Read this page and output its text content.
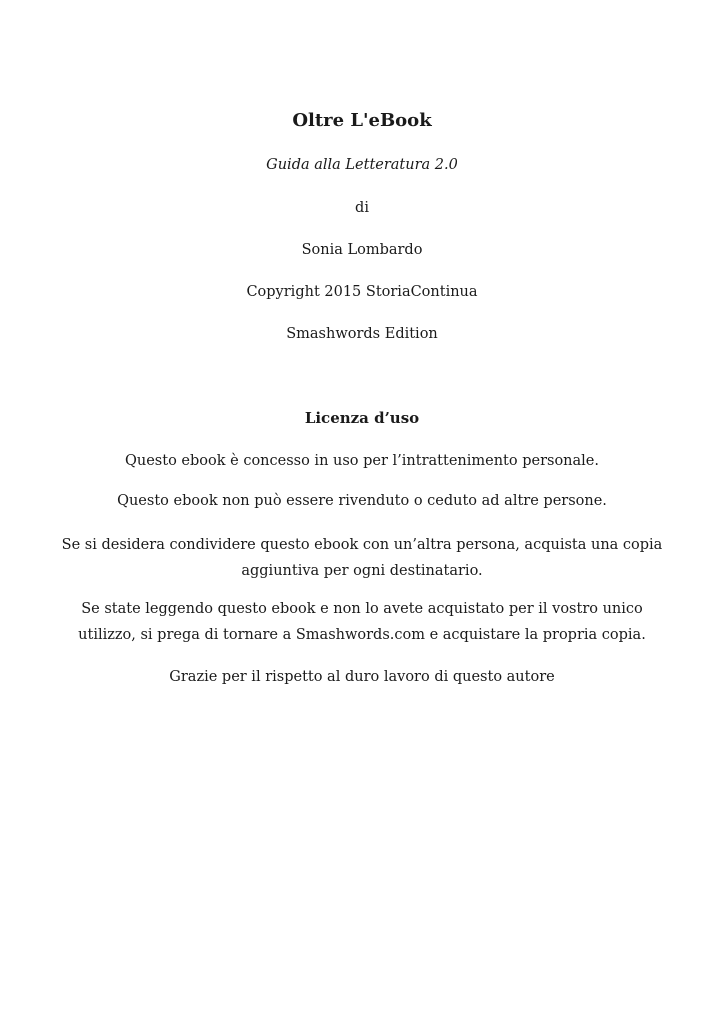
Oltre L'eBook
Guida alla Letteratura 2.0
di
Sonia Lombardo
Copyright 2015 StoriaContinua
Smashwords Edition
Licenza d’uso
Questo ebook è concesso in uso per l’intrattenimento personale.
Questo ebook non può essere rivenduto o ceduto ad altre persone.
Se si desidera condividere questo ebook con un’altra persona, acquista una copia aggiuntiva per ogni destinatario.
Se state leggendo questo ebook e non lo avete acquistato per il vostro unico utilizzo, si prega di tornare a Smashwords.com e acquistare la propria copia.
Grazie per il rispetto al duro lavoro di questo autore
